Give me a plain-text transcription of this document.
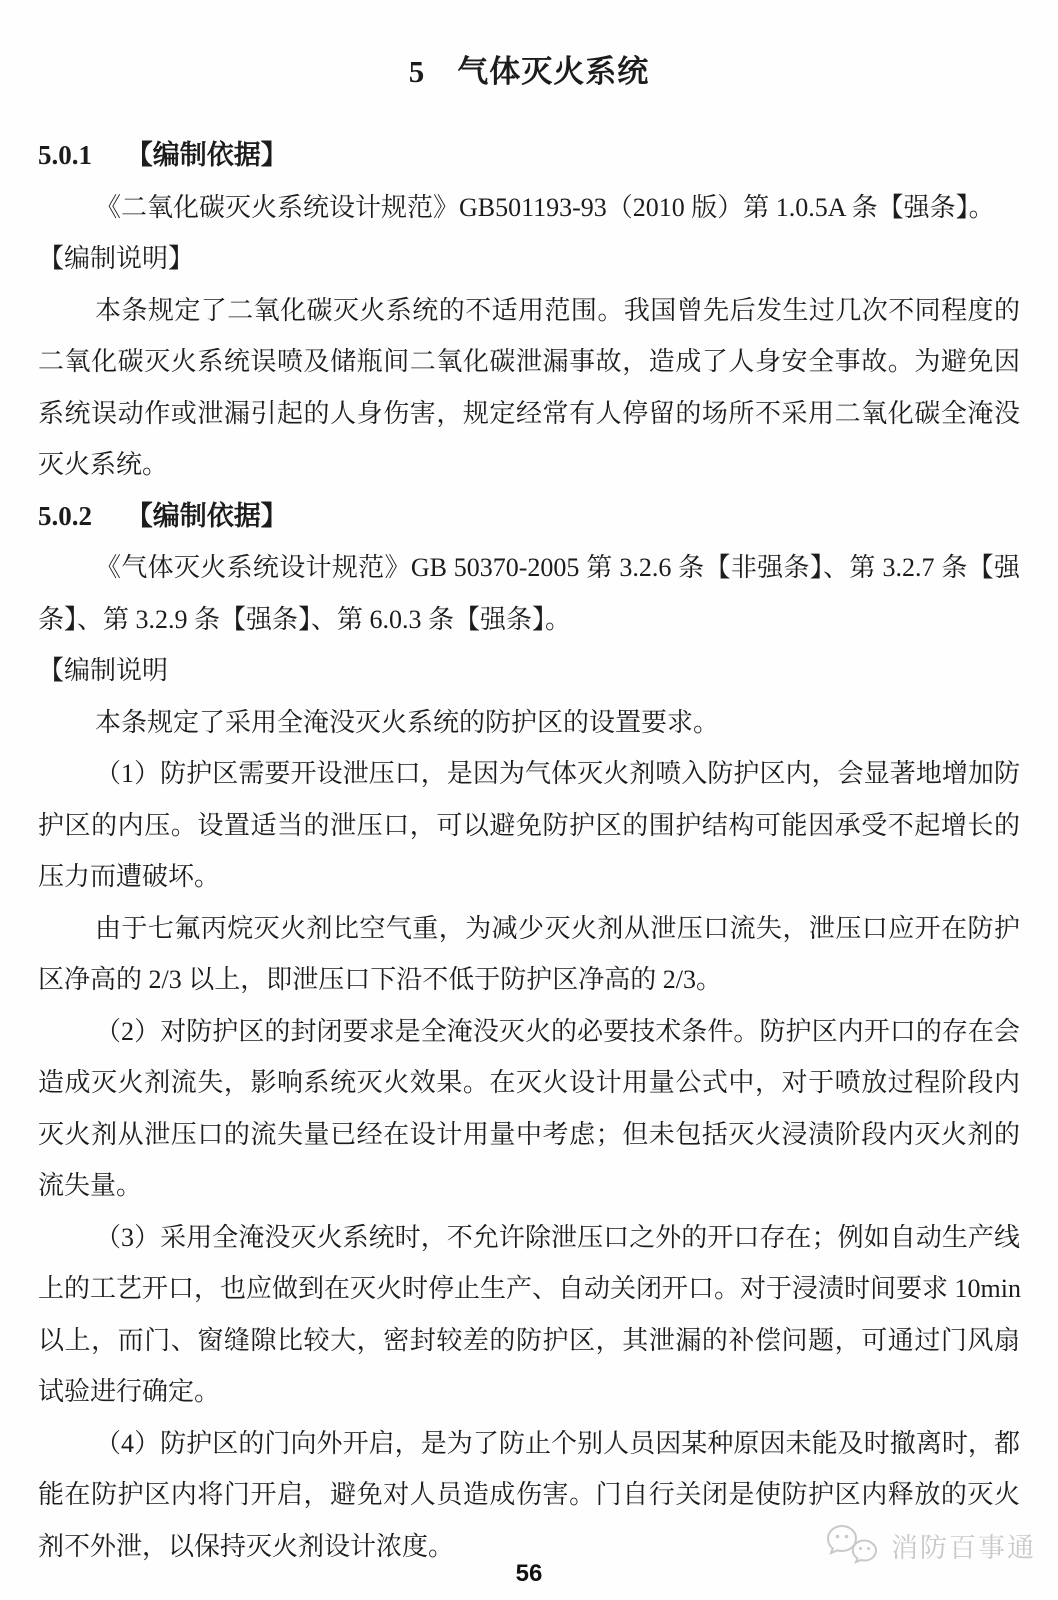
5　气体灭火系统
5.0.1　 【编制依据】
《二氧化碳灭火系统设计规范》GB501193-93（2010 版）第 1.0.5A 条【强条】。
【编制说明】
本条规定了二氧化碳灭火系统的不适用范围。我国曾先后发生过几次不同程度的
二氧化碳灭火系统误喷及储瓶间二氧化碳泄漏事故，造成了人身安全事故。为避免因
系统误动作或泄漏引起的人身伤害，规定经常有人停留的场所不采用二氧化碳全淹没
灭火系统。
5.0.2　 【编制依据】
《气体灭火系统设计规范》GB 50370-2005 第 3.2.6 条【非强条】、第 3.2.7 条【强
条】、第 3.2.9 条【强条】、第 6.0.3 条【强条】。
【编制说明
本条规定了采用全淹没灭火系统的防护区的设置要求。
（1）防护区需要开设泄压口，是因为气体灭火剂喷入防护区内，会显著地增加防
护区的内压。设置适当的泄压口，可以避免防护区的围护结构可能因承受不起增长的
压力而遭破坏。
由于七氟丙烷灭火剂比空气重，为减少灭火剂从泄压口流失，泄压口应开在防护
区净高的 2/3 以上，即泄压口下沿不低于防护区净高的 2/3。
（2）对防护区的封闭要求是全淹没灭火的必要技术条件。防护区内开口的存在会
造成灭火剂流失，影响系统灭火效果。在灭火设计用量公式中，对于喷放过程阶段内
灭火剂从泄压口的流失量已经在设计用量中考虑；但未包括灭火浸渍阶段内灭火剂的
流失量。
（3）采用全淹没灭火系统时，不允许除泄压口之外的开口存在；例如自动生产线
上的工艺开口，也应做到在灭火时停止生产、自动关闭开口。对于浸渍时间要求 10min
以上，而门、窗缝隙比较大，密封较差的防护区，其泄漏的补偿问题，可通过门风扇
试验进行确定。
（4）防护区的门向外开启，是为了防止个别人员因某种原因未能及时撤离时，都
能在防护区内将门开启，避免对人员造成伤害。门自行关闭是使防护区内释放的灭火
剂不外泄，以保持灭火剂设计浓度。	消防百事通
56
